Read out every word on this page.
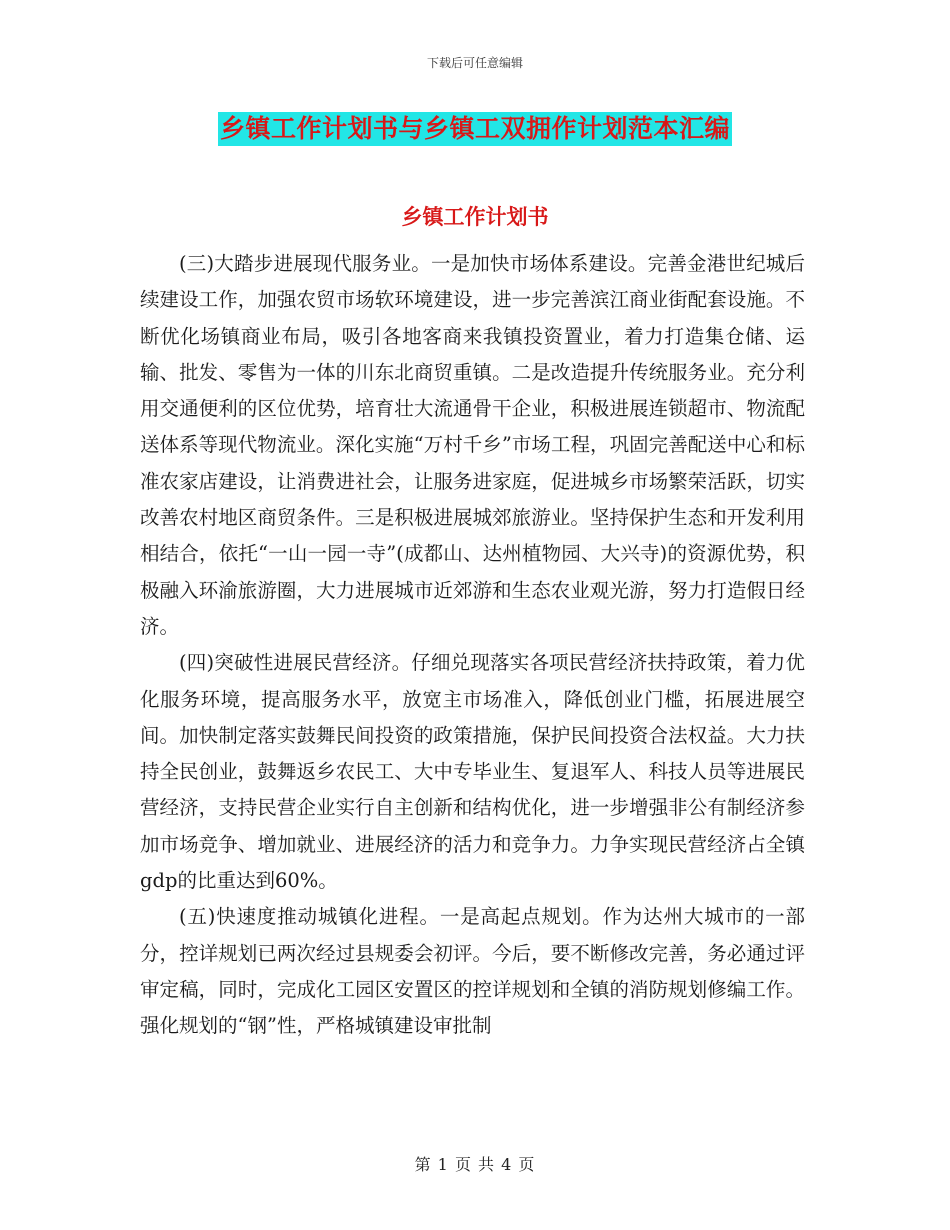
下载后可任意编辑
乡镇工作计划书与乡镇工双拥作计划范本汇编
乡镇工作计划书

(三)大踏步进展现代服务业。一是加快市场体系建设。完善金港世纪城后续建设工作，加强农贸市场软环境建设，进一步完善滨江商业街配套设施。不断优化场镇商业布局，吸引各地客商来我镇投资置业，着力打造集仓储、运输、批发、零售为一体的川东北商贸重镇。二是改造提升传统服务业。充分利用交通便利的区位优势，培育壮大流通骨干企业，积极进展连锁超市、物流配送体系等现代物流业。深化实施“万村千乡”市场工程，巩固完善配送中心和标准农家店建设，让消费进社会，让服务进家庭，促进城乡市场繁荣活跃，切实改善农村地区商贸条件。三是积极进展城郊旅游业。坚持保护生态和开发利用相结合，依托“一山一园一寺”(成都山、达州植物园、大兴寺)的资源优势，积极融入环渝旅游圈，大力进展城市近郊游和生态农业观光游，努力打造假日经济。

(四)突破性进展民营经济。仔细兑现落实各项民营经济扶持政策，着力优化服务环境，提高服务水平，放宽主市场准入，降低创业门槛，拓展进展空间。加快制定落实鼓舞民间投资的政策措施，保护民间投资合法权益。大力扶持全民创业，鼓舞返乡农民工、大中专毕业生、复退军人、科技人员等进展民营经济，支持民营企业实行自主创新和结构优化，进一步增强非公有制经济参加市场竞争、增加就业、进展经济的活力和竞争力。力争实现民营经济占全镇gdp的比重达到60%。

(五)快速度推动城镇化进程。一是高起点规划。作为达州大城市的一部分，控详规划已两次经过县规委会初评。今后，要不断修改完善，务必通过评审定稿，同时，完成化工园区安置区的控详规划和全镇的消防规划修编工作。强化规划的“钢”性，严格城镇建设审批制

第 1 页 共 4 页
